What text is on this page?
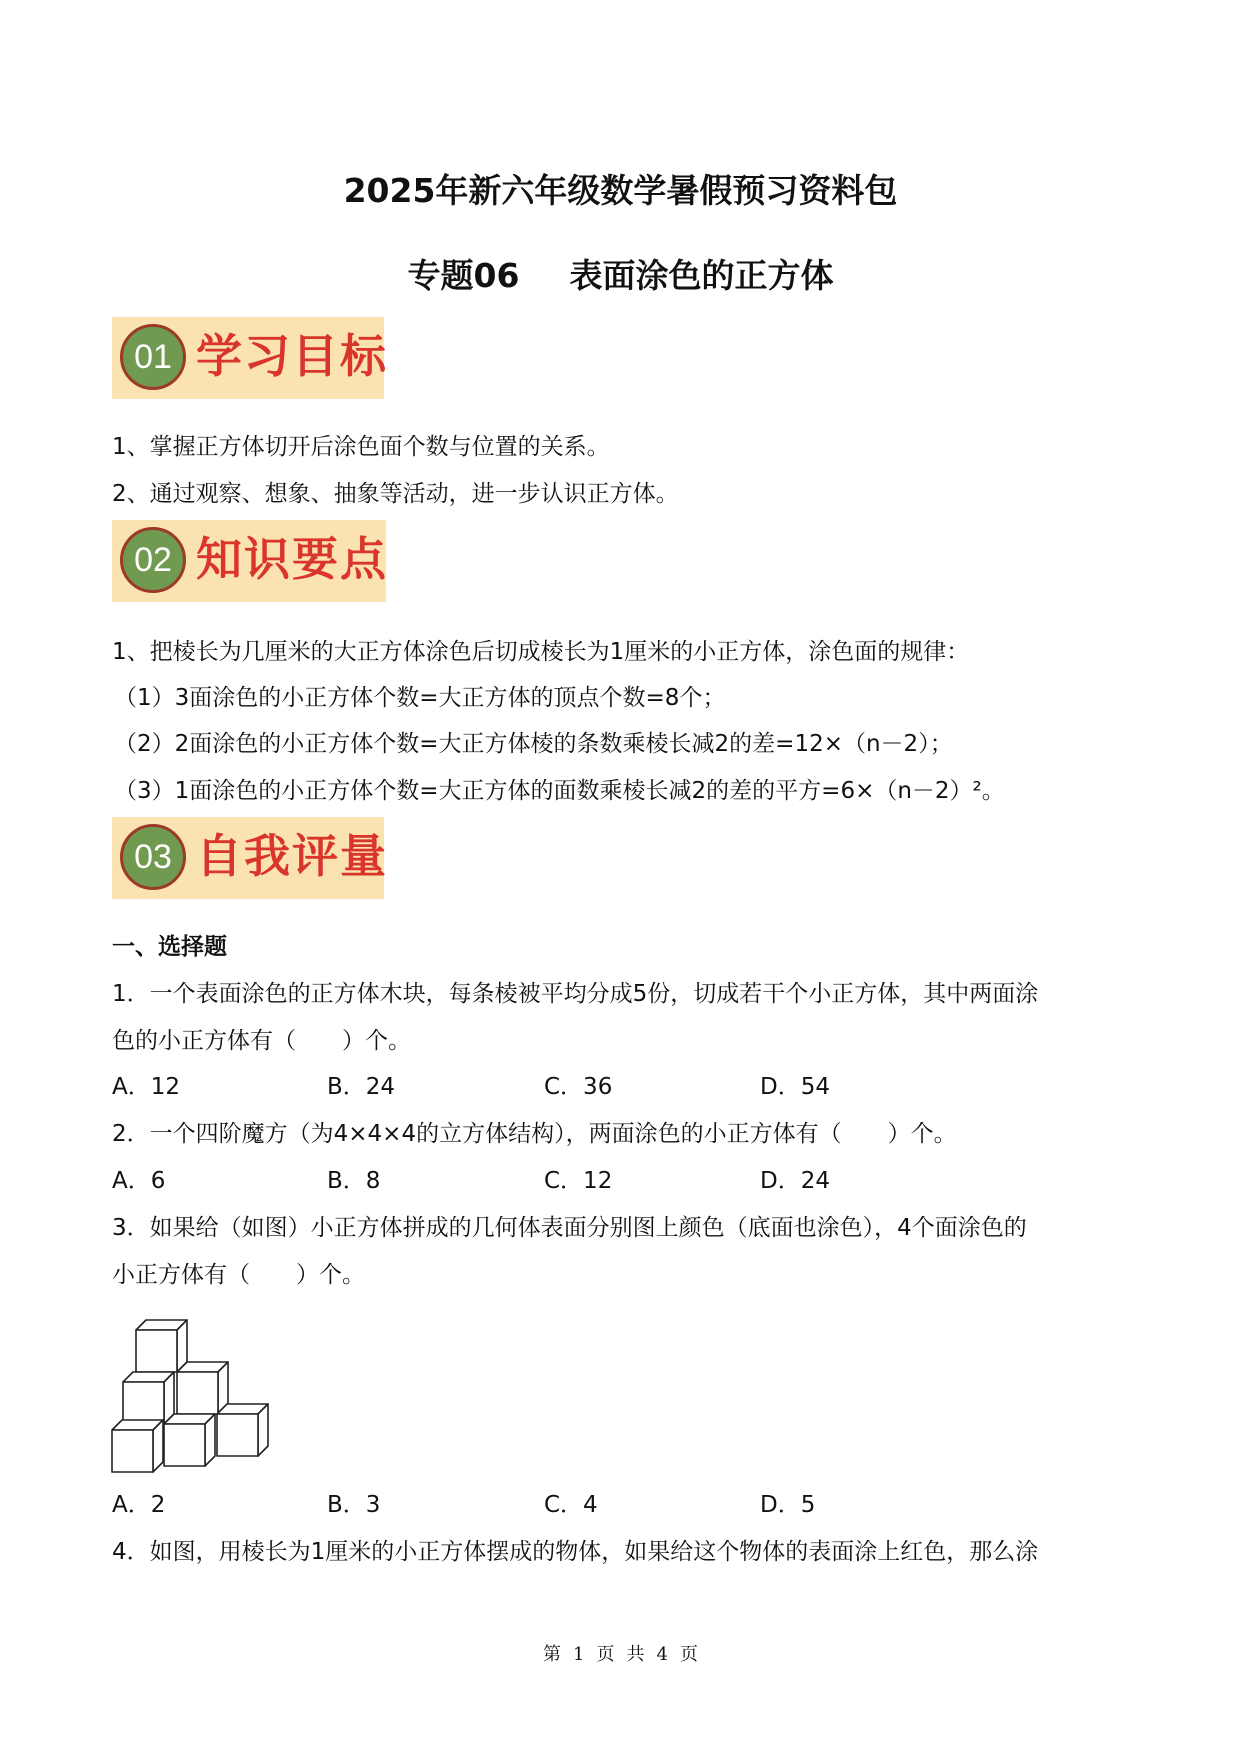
2025年新六年级数学暑假预习资料包
专题06 表面涂色的正方体
01 学习目标
1、掌握正方体切开后涂色面个数与位置的关系。
2、通过观察、想象、抽象等活动，进一步认识正方体。
02 知识要点
1、把棱长为几厘米的大正方体涂色后切成棱长为1厘米的小正方体，涂色面的规律：
（1）3面涂色的小正方体个数=大正方体的顶点个数=8个；
（2）2面涂色的小正方体个数=大正方体棱的条数乘棱长减2的差=12×（n－2）；
（3）1面涂色的小正方体个数=大正方体的面数乘棱长减2的差的平方=6×（n－2）²。
03 自我评量
一、选择题
1．一个表面涂色的正方体木块，每条棱被平均分成5份，切成若干个小正方体，其中两面涂
色的小正方体有（　　）个。
A．12	B．24	C．36	D．54
2．一个四阶魔方（为4×4×4的立方体结构），两面涂色的小正方体有（　　）个。
A．6	B．8	C．12	D．24
3．如果给（如图）小正方体拼成的几何体表面分别图上颜色（底面也涂色），4个面涂色的
小正方体有（　　）个。
A．2	B．3	C．4	D．5
4．如图，用棱长为1厘米的小正方体摆成的物体，如果给这个物体的表面涂上红色，那么涂
第 1 页 共 4 页
